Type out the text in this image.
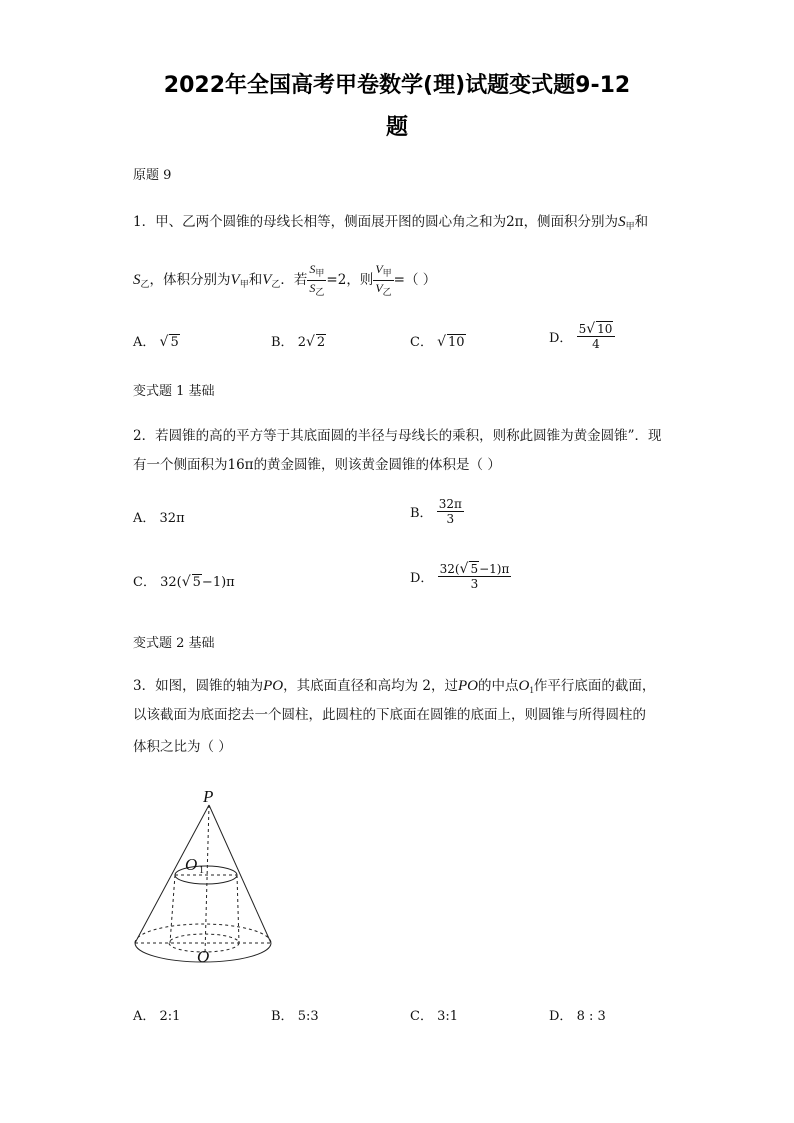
2022年全国高考甲卷数学(理)试题变式题9-12
题
原题 9
1．甲、乙两个圆锥的母线长相等，侧面展开图的圆心角之和为2π，侧面积分别为$S_甲$和
$S_乙$，体积分别为$V_甲$和$V_乙$．若 $\frac{S_甲}{S_乙} =2$，则 $\frac{V_甲}{V_乙}$ =（ ）
A． √ 5	B． 2√ 2	C． √ 10	D． $\frac{5√ 10}{4}$
变式题 1 基础
2．若圆锥的高的平方等于其底面圆的半径与母线长的乘积，则称此圆锥为黄金圆锥”．现
有一个侧面积为16π的黄金圆锥，则该黄金圆锥的体积是（ ）
A． 32π	B． $\frac{32\pi}{3}$
C． 32(√ 5−1)π	D． $\frac{32(√ 5-1)\pi}{3}$
变式题 2 基础
3．如图，圆锥的轴为PO，其底面直径和高均为 2，过PO的中点$O_1$作平行底面的截面，
以该截面为底面挖去一个圆柱，此圆柱的下底面在圆锥的底面上，则圆锥与所得圆柱的
体积之比为（ ）
P
O 1
O
A． 2:1	B． 5:3	C． 3:1	D． 8 : 3
